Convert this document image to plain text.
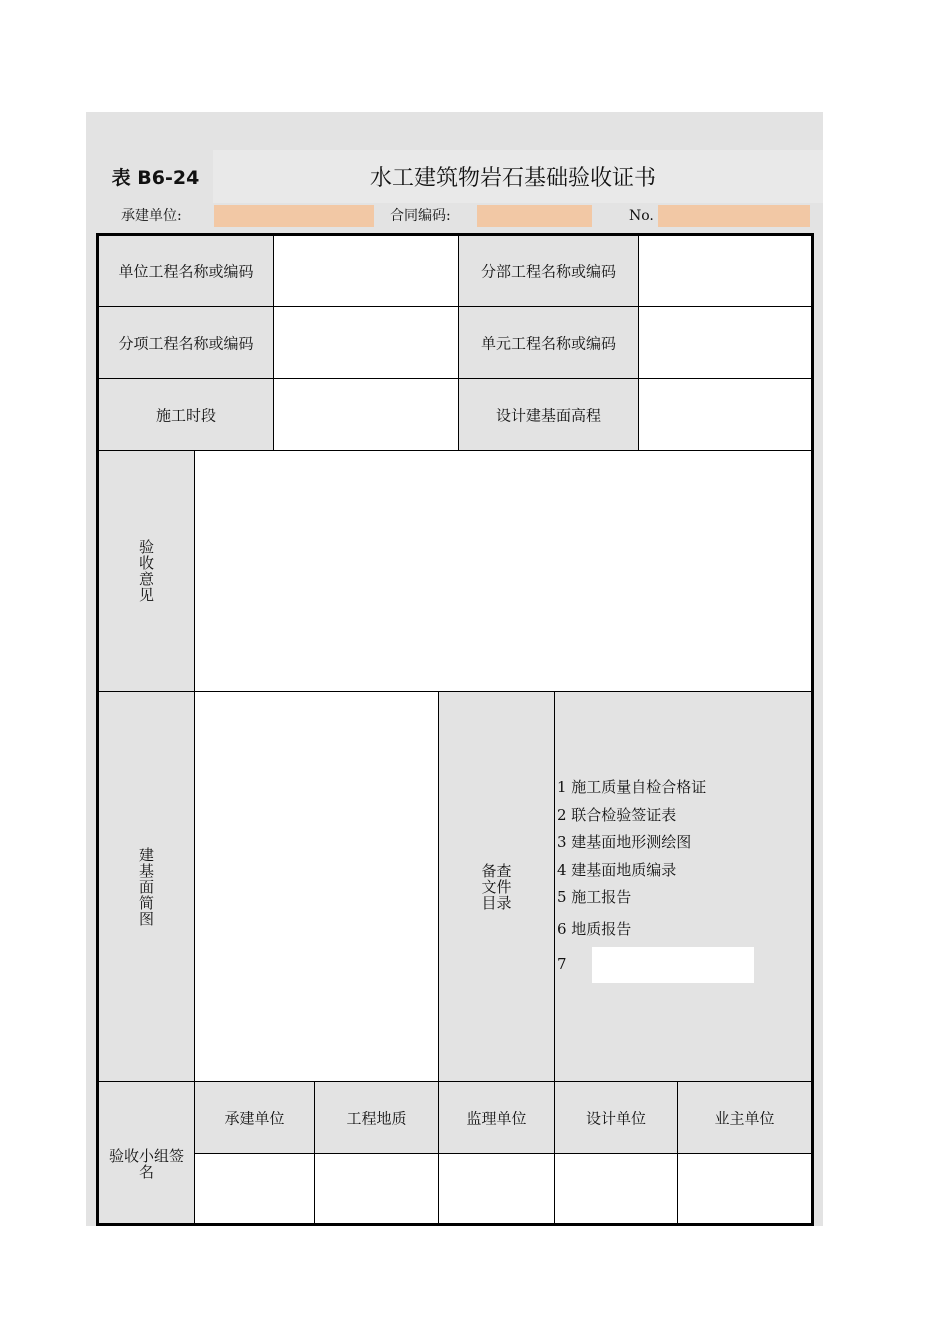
表 B6-24	水工建筑物岩石基础验收证书
承建单位:	合同编码:	No.
单位工程名称或编码	分部工程名称或编码
分项工程名称或编码	单元工程名称或编码
施工时段	设计建基面高程
验收意见
建基面简图
备查文件目录
1 施工质量自检合格证
2 联合检验签证表
3 建基面地形测绘图
4 建基面地质编录
5 施工报告
6 地质报告
7
验收小组签名
承建单位	工程地质	监理单位	设计单位	业主单位
